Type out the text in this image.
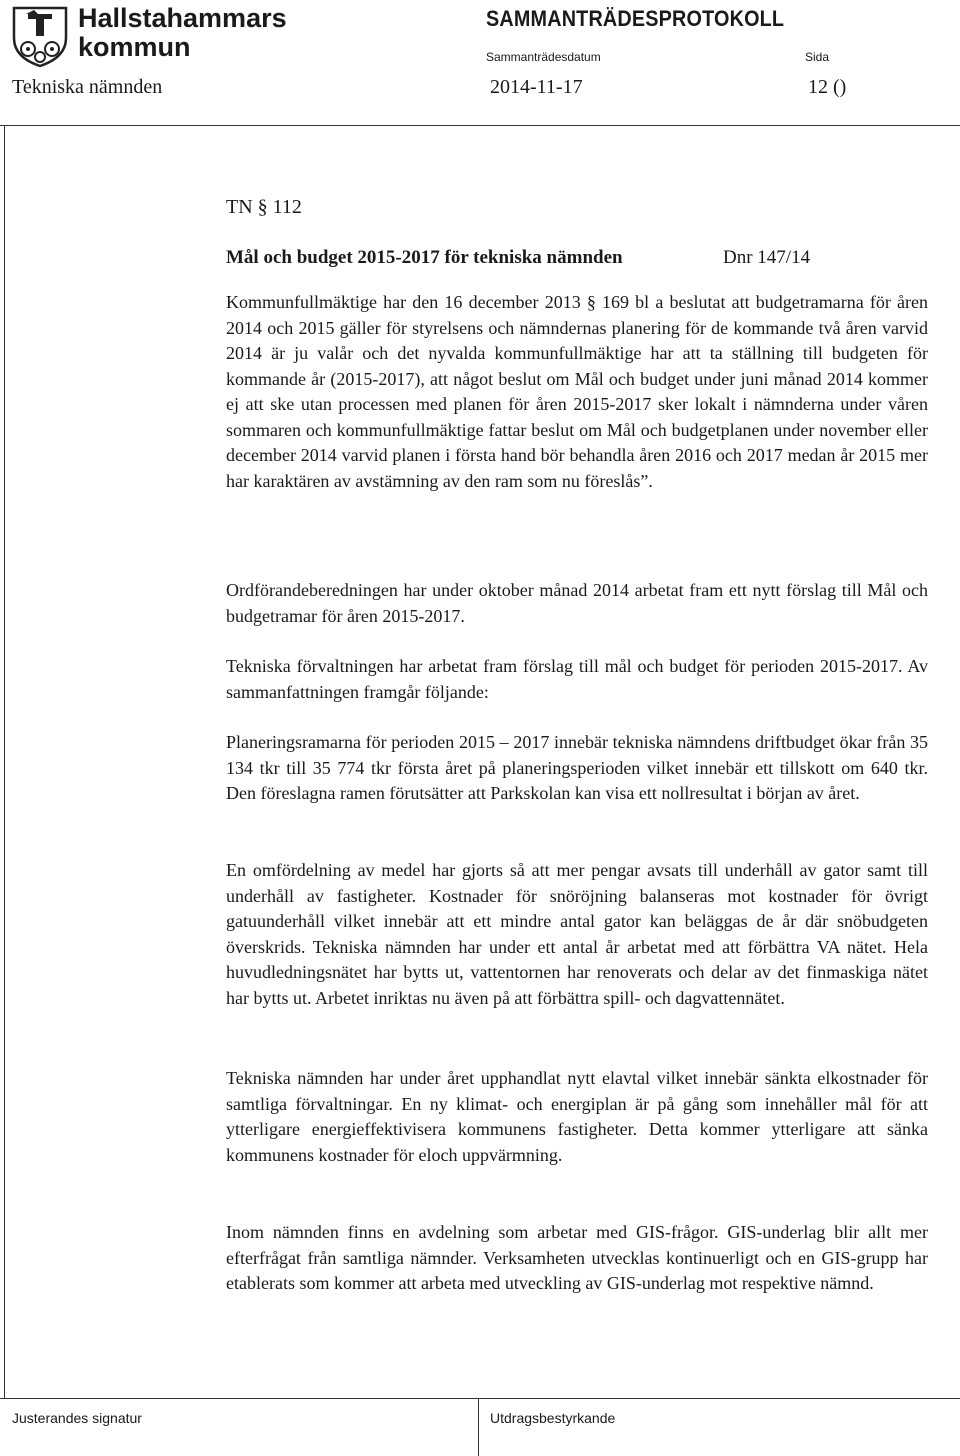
Hallstahammars
kommun
SAMMANTRÄDESPROTOKOLL
Sammanträdesdatum	Sida
Tekniska nämnden	2014-11-17	12 ()
TN § 112
Mål och budget 2015-2017 för tekniska nämnden	Dnr 147/14

Kommunfullmäktige har den 16 december 2013 § 169 bl a beslutat att budgetramarna för åren 2014 och 2015 gäller för styrelsens och nämndernas planering för de kommande två åren varvid 2014 är ju valår och det nyvalda kommunfullmäktige har att ta ställning till budgeten för kommande år (2015-2017), att något beslut om Mål och budget under juni månad 2014 kommer ej att ske utan processen med planen för åren 2015-2017 sker lokalt i nämnderna under våren sommaren och kommunfullmäktige fattar beslut om Mål och budgetplanen under november eller december 2014 varvid planen i första hand bör behandla åren 2016 och 2017 medan år 2015 mer har karaktären av avstämning av den ram som nu föreslås”.

Ordförandeberedningen har under oktober månad 2014 arbetat fram ett nytt förslag till Mål och budgetramar för åren 2015-2017.

Tekniska förvaltningen har arbetat fram förslag till mål och budget för perioden 2015-2017. Av sammanfattningen framgår följande:

Planeringsramarna för perioden 2015 – 2017 innebär tekniska nämndens driftbudget ökar från 35 134 tkr till 35 774 tkr första året på planeringsperioden vilket innebär ett tillskott om 640 tkr. Den föreslagna ramen förutsätter att Parkskolan kan visa ett nollresultat i början av året.

En omfördelning av medel har gjorts så att mer pengar avsats till underhåll av gator samt till underhåll av fastigheter. Kostnader för snöröjning balanseras mot kostnader för övrigt gatuunderhåll vilket innebär att ett mindre antal gator kan beläggas de år där snöbudgeten överskrids. Tekniska nämnden har under ett antal år arbetat med att förbättra VA nätet. Hela huvudledningsnätet har bytts ut, vattentornen har renoverats och delar av det finmaskiga nätet har bytts ut. Arbetet inriktas nu även på att förbättra spill- och dagvattennätet.

Tekniska nämnden har under året upphandlat nytt elavtal vilket innebär sänkta elkostnader för samtliga förvaltningar. En ny klimat- och energiplan är på gång som innehåller mål för att ytterligare energieffektivisera kommunens fastigheter. Detta kommer ytterligare att sänka kommunens kostnader för eloch uppvärmning.

Inom nämnden finns en avdelning som arbetar med GIS-frågor. GIS-underlag blir allt mer efterfrågat från samtliga nämnder. Verksamheten utvecklas kontinuerligt och en GIS-grupp har etablerats som kommer att arbeta med utveckling av GIS-underlag mot respektive nämnd.

Justerandes signatur	Utdragsbestyrkande
